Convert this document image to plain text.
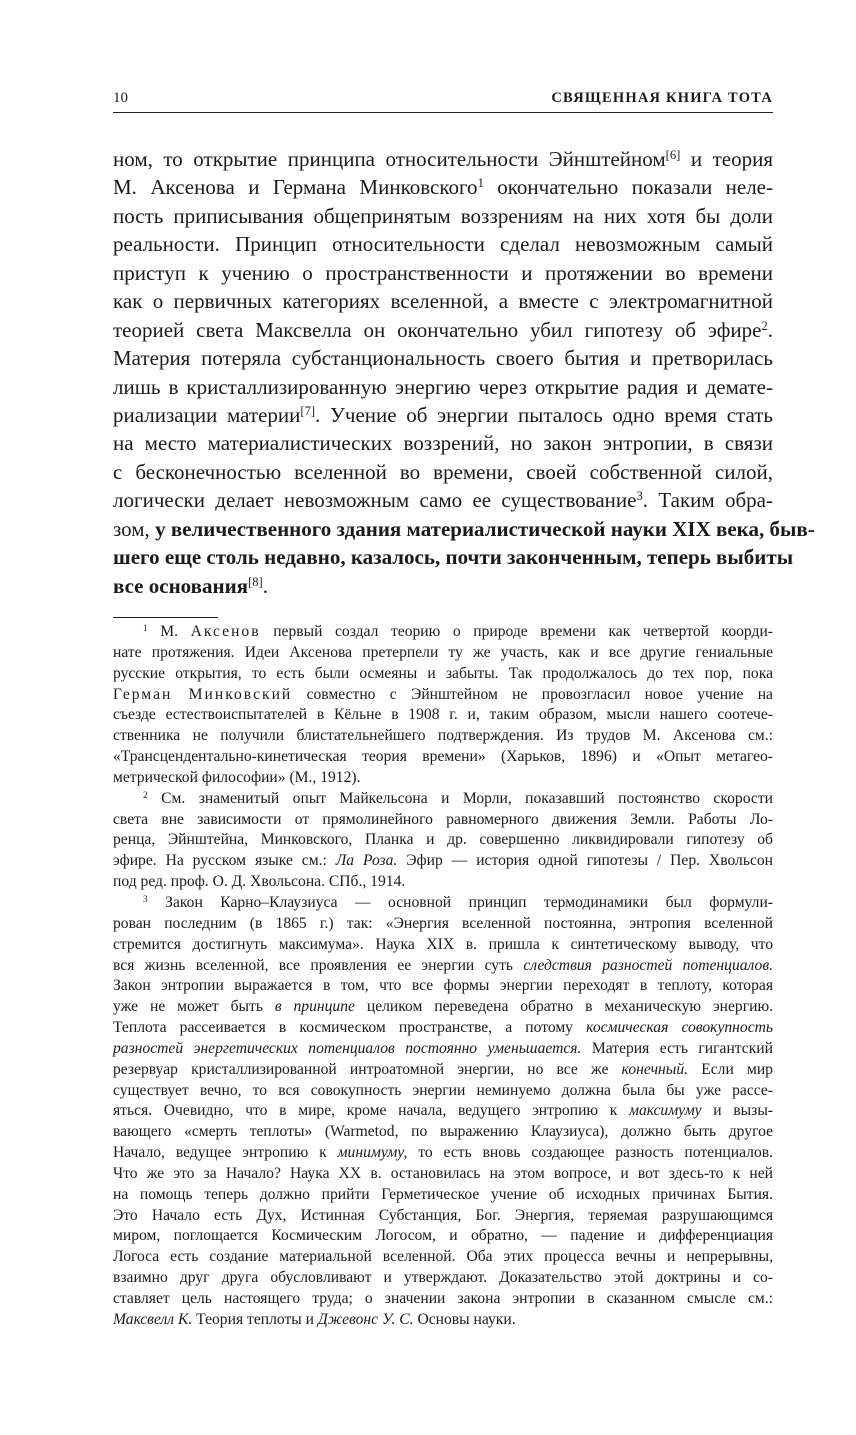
10	СВЯЩЕННАЯ КНИГА ТОТА
ном, то открытие принципа относительности Эйнштейном[6] и теория
М. Аксенова и Германа Минковского$^1$ окончательно показали неле-
пость приписывания общепринятым воззрениям на них хотя бы доли
реальности. Принцип относительности сделал невозможным самый
приступ к учению о пространственности и протяжении во времени
как о первичных категориях вселенной, а вместе с электромагнитной
теорией света Максвелла он окончательно убил гипотезу об эфире$^2$.
Материя потеряла субстанциональность своего бытия и претворилась
лишь в кристаллизированную энергию через открытие радия и демате-
риализации материи[7]. Учение об энергии пыталось одно время стать
на место материалистических воззрений, но закон энтропии, в связи
с бесконечностью вселенной во времени, своей собственной силой,
логически делает невозможным само ее существование$^3$. Таким обра-
зом, у величественного здания материалистической науки XIX века, быв-
шего еще столь недавно, казалось, почти законченным, теперь выбиты
все основания[8].
$^1$ М. Аксенов первый создал теорию о природе времени как четвертой коорди-
нате протяжения. Идеи Аксенова претерпели ту же участь, как и все другие гениальные
русские открытия, то есть были осмеяны и забыты. Так продолжалось до тех пор, пока
Герман Минковский совместно с Эйнштейном не провозгласил новое учение на
съезде естествоиспытателей в Кёльне в 1908 г. и, таким образом, мысли нашего соотече-
ственника не получили блистательнейшего подтверждения. Из трудов М. Аксенова см.:
«Трансцендентально-кинетическая теория времени» (Харьков, 1896) и «Опыт метагео-
метрической философии» (М., 1912).
$^2$ См. знаменитый опыт Майкельсона и Морли, показавший постоянство скорости
света вне зависимости от прямолинейного равномерного движения Земли. Работы Ло-
ренца, Эйнштейна, Минковского, Планка и др. совершенно ликвидировали гипотезу об
эфире. На русском языке см.: Ла Роза. Эфир — история одной гипотезы / Пер. Хвольсон
под ред. проф. О. Д. Хвольсона. СПб., 1914.
$^3$ Закон Карно–Клаузиуса — основной принцип термодинамики был формули-
рован последним (в 1865 г.) так: «Энергия вселенной постоянна, энтропия вселенной
стремится достигнуть максимума». Наука XIX в. пришла к синтетическому выводу, что
вся жизнь вселенной, все проявления ее энергии суть следствия разностей потенциалов.
Закон энтропии выражается в том, что все формы энергии переходят в теплоту, которая
уже не может быть в принципе целиком переведена обратно в механическую энергию.
Теплота рассеивается в космическом пространстве, а потому космическая совокупность
разностей энергетических потенциалов постоянно уменьшается. Материя есть гигантский
резервуар кристаллизированной интроатомной энергии, но все же конечный. Если мир
существует вечно, то вся совокупность энергии неминуемо должна была бы уже рассе-
яться. Очевидно, что в мире, кроме начала, ведущего энтропию к максимуму и вызы-
вающего «смерть теплоты» (Warmetod, по выражению Клаузиуса), должно быть другое
Начало, ведущее энтропию к минимуму, то есть вновь создающее разность потенциалов.
Что же это за Начало? Наука XX в. остановилась на этом вопросе, и вот здесь-то к ней
на помощь теперь должно прийти Герметическое учение об исходных причинах Бытия.
Это Начало есть Дух, Истинная Субстанция, Бог. Энергия, теряемая разрушающимся
миром, поглощается Космическим Логосом, и обратно, — падение и дифференциация
Логоса есть создание материальной вселенной. Оба этих процесса вечны и непрерывны,
взаимно друг друга обусловливают и утверждают. Доказательство этой доктрины и со-
ставляет цель настоящего труда; о значении закона энтропии в сказанном смысле см.:
Максвелл К. Теория теплоты и Джевонс У. С. Основы науки.
